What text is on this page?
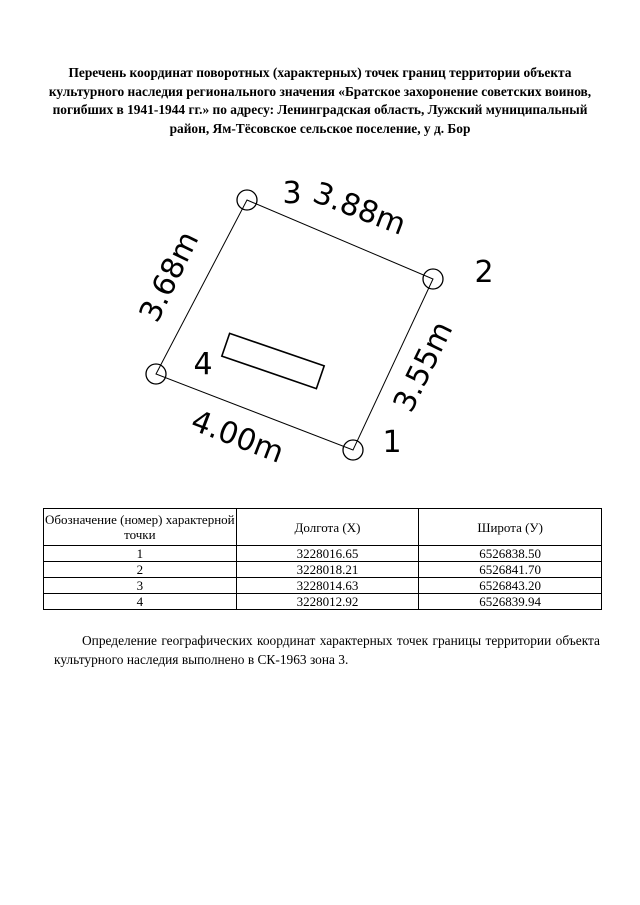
Перечень координат поворотных (характерных) точек границ территории объекта культурного наследия регионального значения «Братское захоронение советских воинов, погибших в 1941-1944 гг.» по адресу: Ленинградская область, Лужский муниципальный район, Ям-Тёсовское сельское поселение, у д. Бор
1
2
3
4
3.88m
3.68m
3.55m
4.00m
Обозначение (номер) характерной точки	Долгота (X)	Широта (У)
1	3228016.65	6526838.50
2	3228018.21	6526841.70
3	3228014.63	6526843.20
4	3228012.92	6526839.94
Определение географических координат характерных точек границы территории объекта культурного наследия выполнено в СК-1963 зона 3.
